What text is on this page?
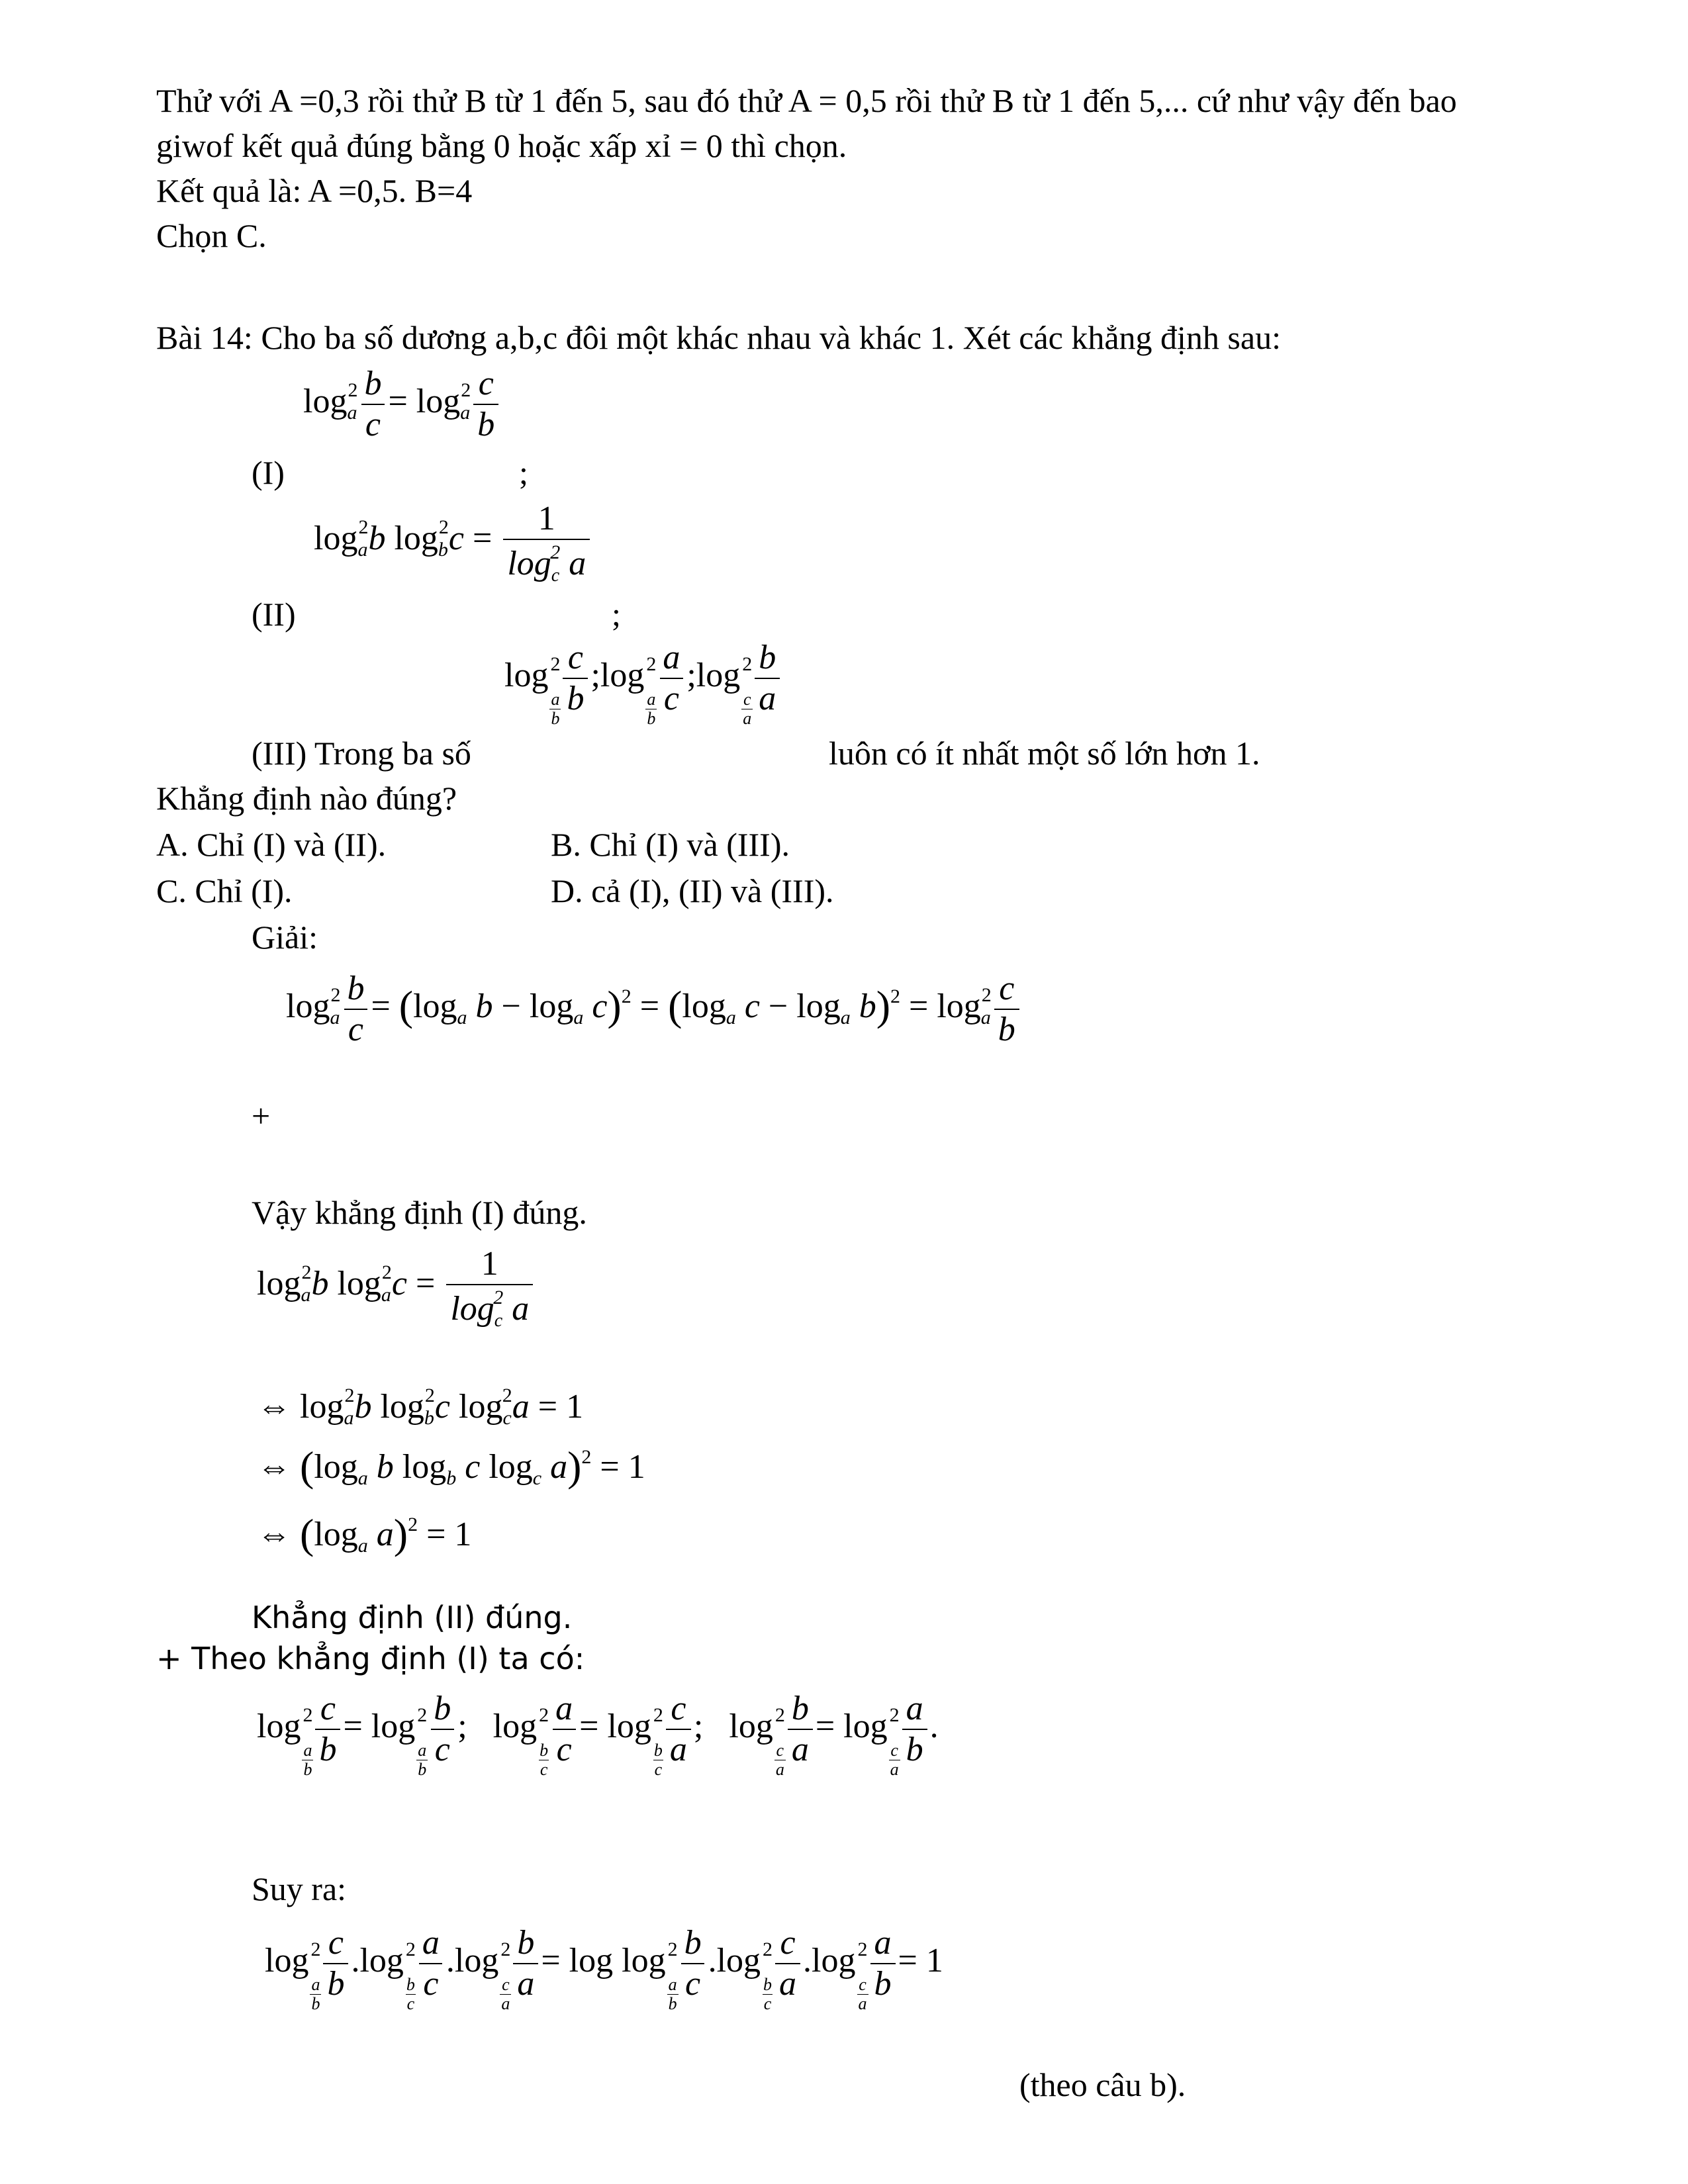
Thử với A =0,3 rồi thử B từ 1 đến 5, sau đó thử A = 0,5 rồi thử B từ 1 đến 5,... cứ như vậy đến bao
giwof kết quả đúng bằng 0 hoặc xấp xỉ = 0 thì chọn.
Kết quả là: A =0,5. B=4
Chọn C.
Bài 14: Cho ba số dương a,b,c đôi một khác nhau và khác 1. Xét các khẳng định sau:
$\log_a^2 \frac{b}{c} = \log_a^2 \frac{c}{b}$
(I)	;
$\log_a^2b$ $\log_b^2c = \frac{1}{\log_c^2 a}$
(II)	;
log
$\frac{a}{b}$
$^2 \frac{c}{b}$ ;log
$\frac{a}{b}$
$^2 \frac{a}{c}$ ;log
$\frac{c}{a}$
$^2 \frac{b}{a}$
(III) Trong ba số	luôn có ít nhất một số lớn hơn 1.
Khẳng định nào đúng?
A. Chỉ (I) và (II).	B. Chỉ (I) và (III).
C. Chỉ (I).	D. cả (I), (II) và (III).
Giải:
$\log_a^2 \frac{b}{c} = (\log_a$ $b - \log_a c)^2 = (\log_a$ $c - \log_a b)^2 = \log_a^2 \frac{c}{b}$
+
Vậy khẳng định (I) đúng.
$\log_a^2b$ $\log_a^2c = \frac{1}{\log_c^2 a}$
⇔ $\log_a^2b$ $\log_b^2c$ $\log_c^2a = 1$
⇔ ($\log_a$ b $\log_b c$ $\log_c a)^2 = 1$
⇔ ($\log_a$ a)$^2$ = 1
Khẳng định (II) đúng.
+ Theo khẳng định (I) ta có:
log
$\frac{a}{b}$
$^2 \frac{c}{b} = \log$
$\frac{a}{b}$
$^2 \frac{b}{c}$ ;   log
$\frac{b}{c}$
$^2 \frac{a}{c} = \log$
$\frac{b}{c}$
$^2 \frac{c}{a}$ ;   log
$\frac{c}{a}$
$^2 \frac{b}{a} = \log$
$\frac{c}{a}$
$^2 \frac{a}{b}$ .
Suy ra:
log
$\frac{a}{b}$
$^2 \frac{c}{b} .\log$
$\frac{b}{c}$
$^2 \frac{a}{c} .\log$
$\frac{c}{a}$
$^2 \frac{b}{a} = \log \log$
$\frac{a}{b}$
$^2 \frac{b}{c} .\log$
$\frac{b}{c}$
$^2 \frac{c}{a} .\log$
$\frac{c}{a}$
$^2 \frac{a}{b} = 1$
(theo câu b).
